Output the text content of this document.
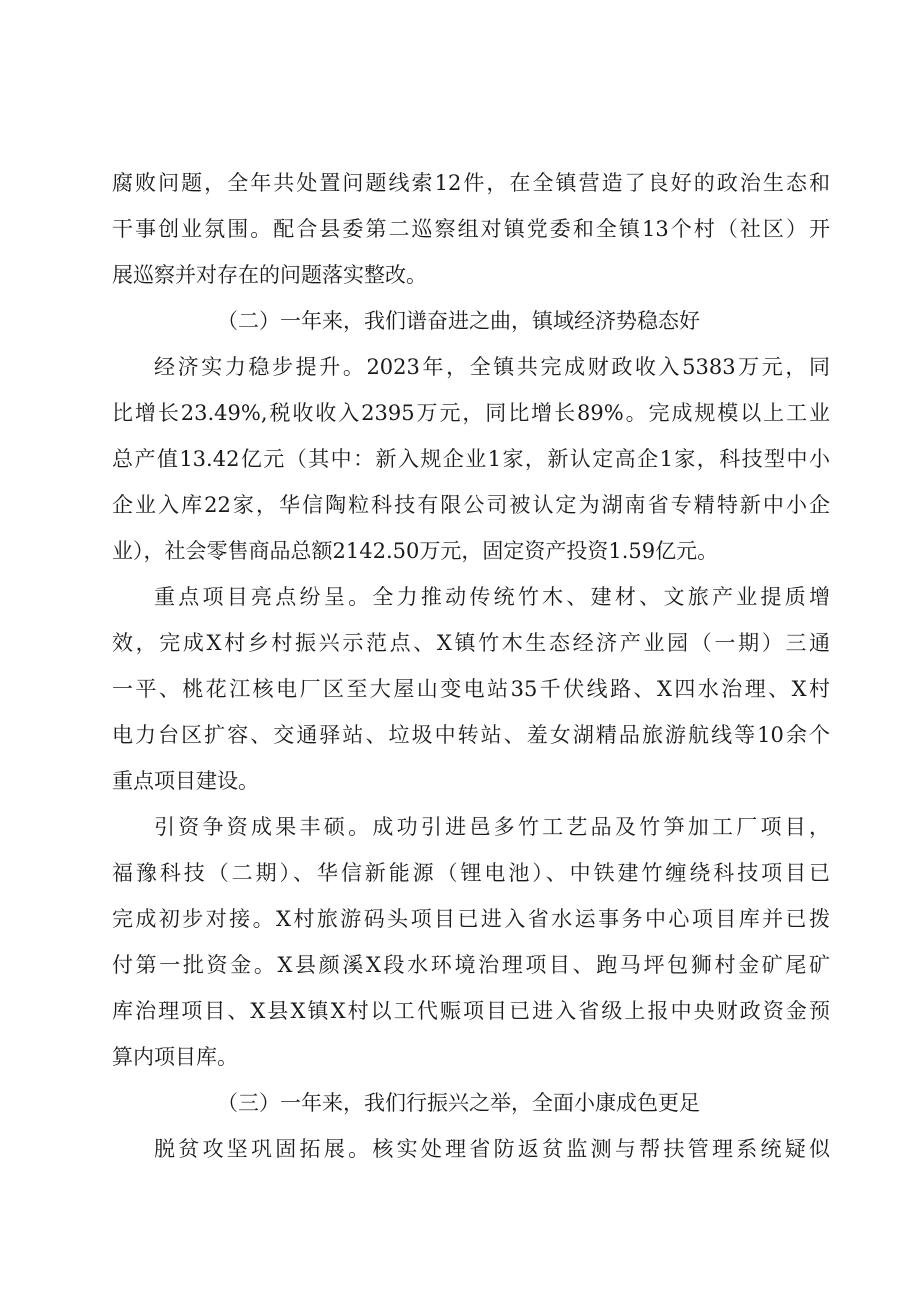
腐败问题，全年共处置问题线索12件，在全镇营造了良好的政治生态和
干事创业氛围。配合县委第二巡察组对镇党委和全镇13个村（社区）开
展巡察并对存在的问题落实整改。
（二）一年来，我们谱奋进之曲，镇域经济势稳态好
经济实力稳步提升。2023年，全镇共完成财政收入5383万元，同
比增长23.49%,税收收入2395万元，同比增长89%。完成规模以上工业
总产值13.42亿元（其中：新入规企业1家，新认定高企1家，科技型中小
企业入库22家，华信陶粒科技有限公司被认定为湖南省专精特新中小企
业），社会零售商品总额2142.50万元，固定资产投资1.59亿元。
重点项目亮点纷呈。全力推动传统竹木、建材、文旅产业提质增
效，完成X村乡村振兴示范点、X镇竹木生态经济产业园（一期）三通
一平、桃花江核电厂区至大屋山变电站35千伏线路、X四水治理、X村
电力台区扩容、交通驿站、垃圾中转站、羞女湖精品旅游航线等10余个
重点项目建设。
引资争资成果丰硕。成功引进邑多竹工艺品及竹笋加工厂项目，
福豫科技（二期）、华信新能源（锂电池）、中铁建竹缠绕科技项目已
完成初步对接。X村旅游码头项目已进入省水运事务中心项目库并已拨
付第一批资金。X县颜溪X段水环境治理项目、跑马坪包狮村金矿尾矿
库治理项目、X县X镇X村以工代赈项目已进入省级上报中央财政资金预
算内项目库。
（三）一年来，我们行振兴之举，全面小康成色更足
脱贫攻坚巩固拓展。核实处理省防返贫监测与帮扶管理系统疑似
